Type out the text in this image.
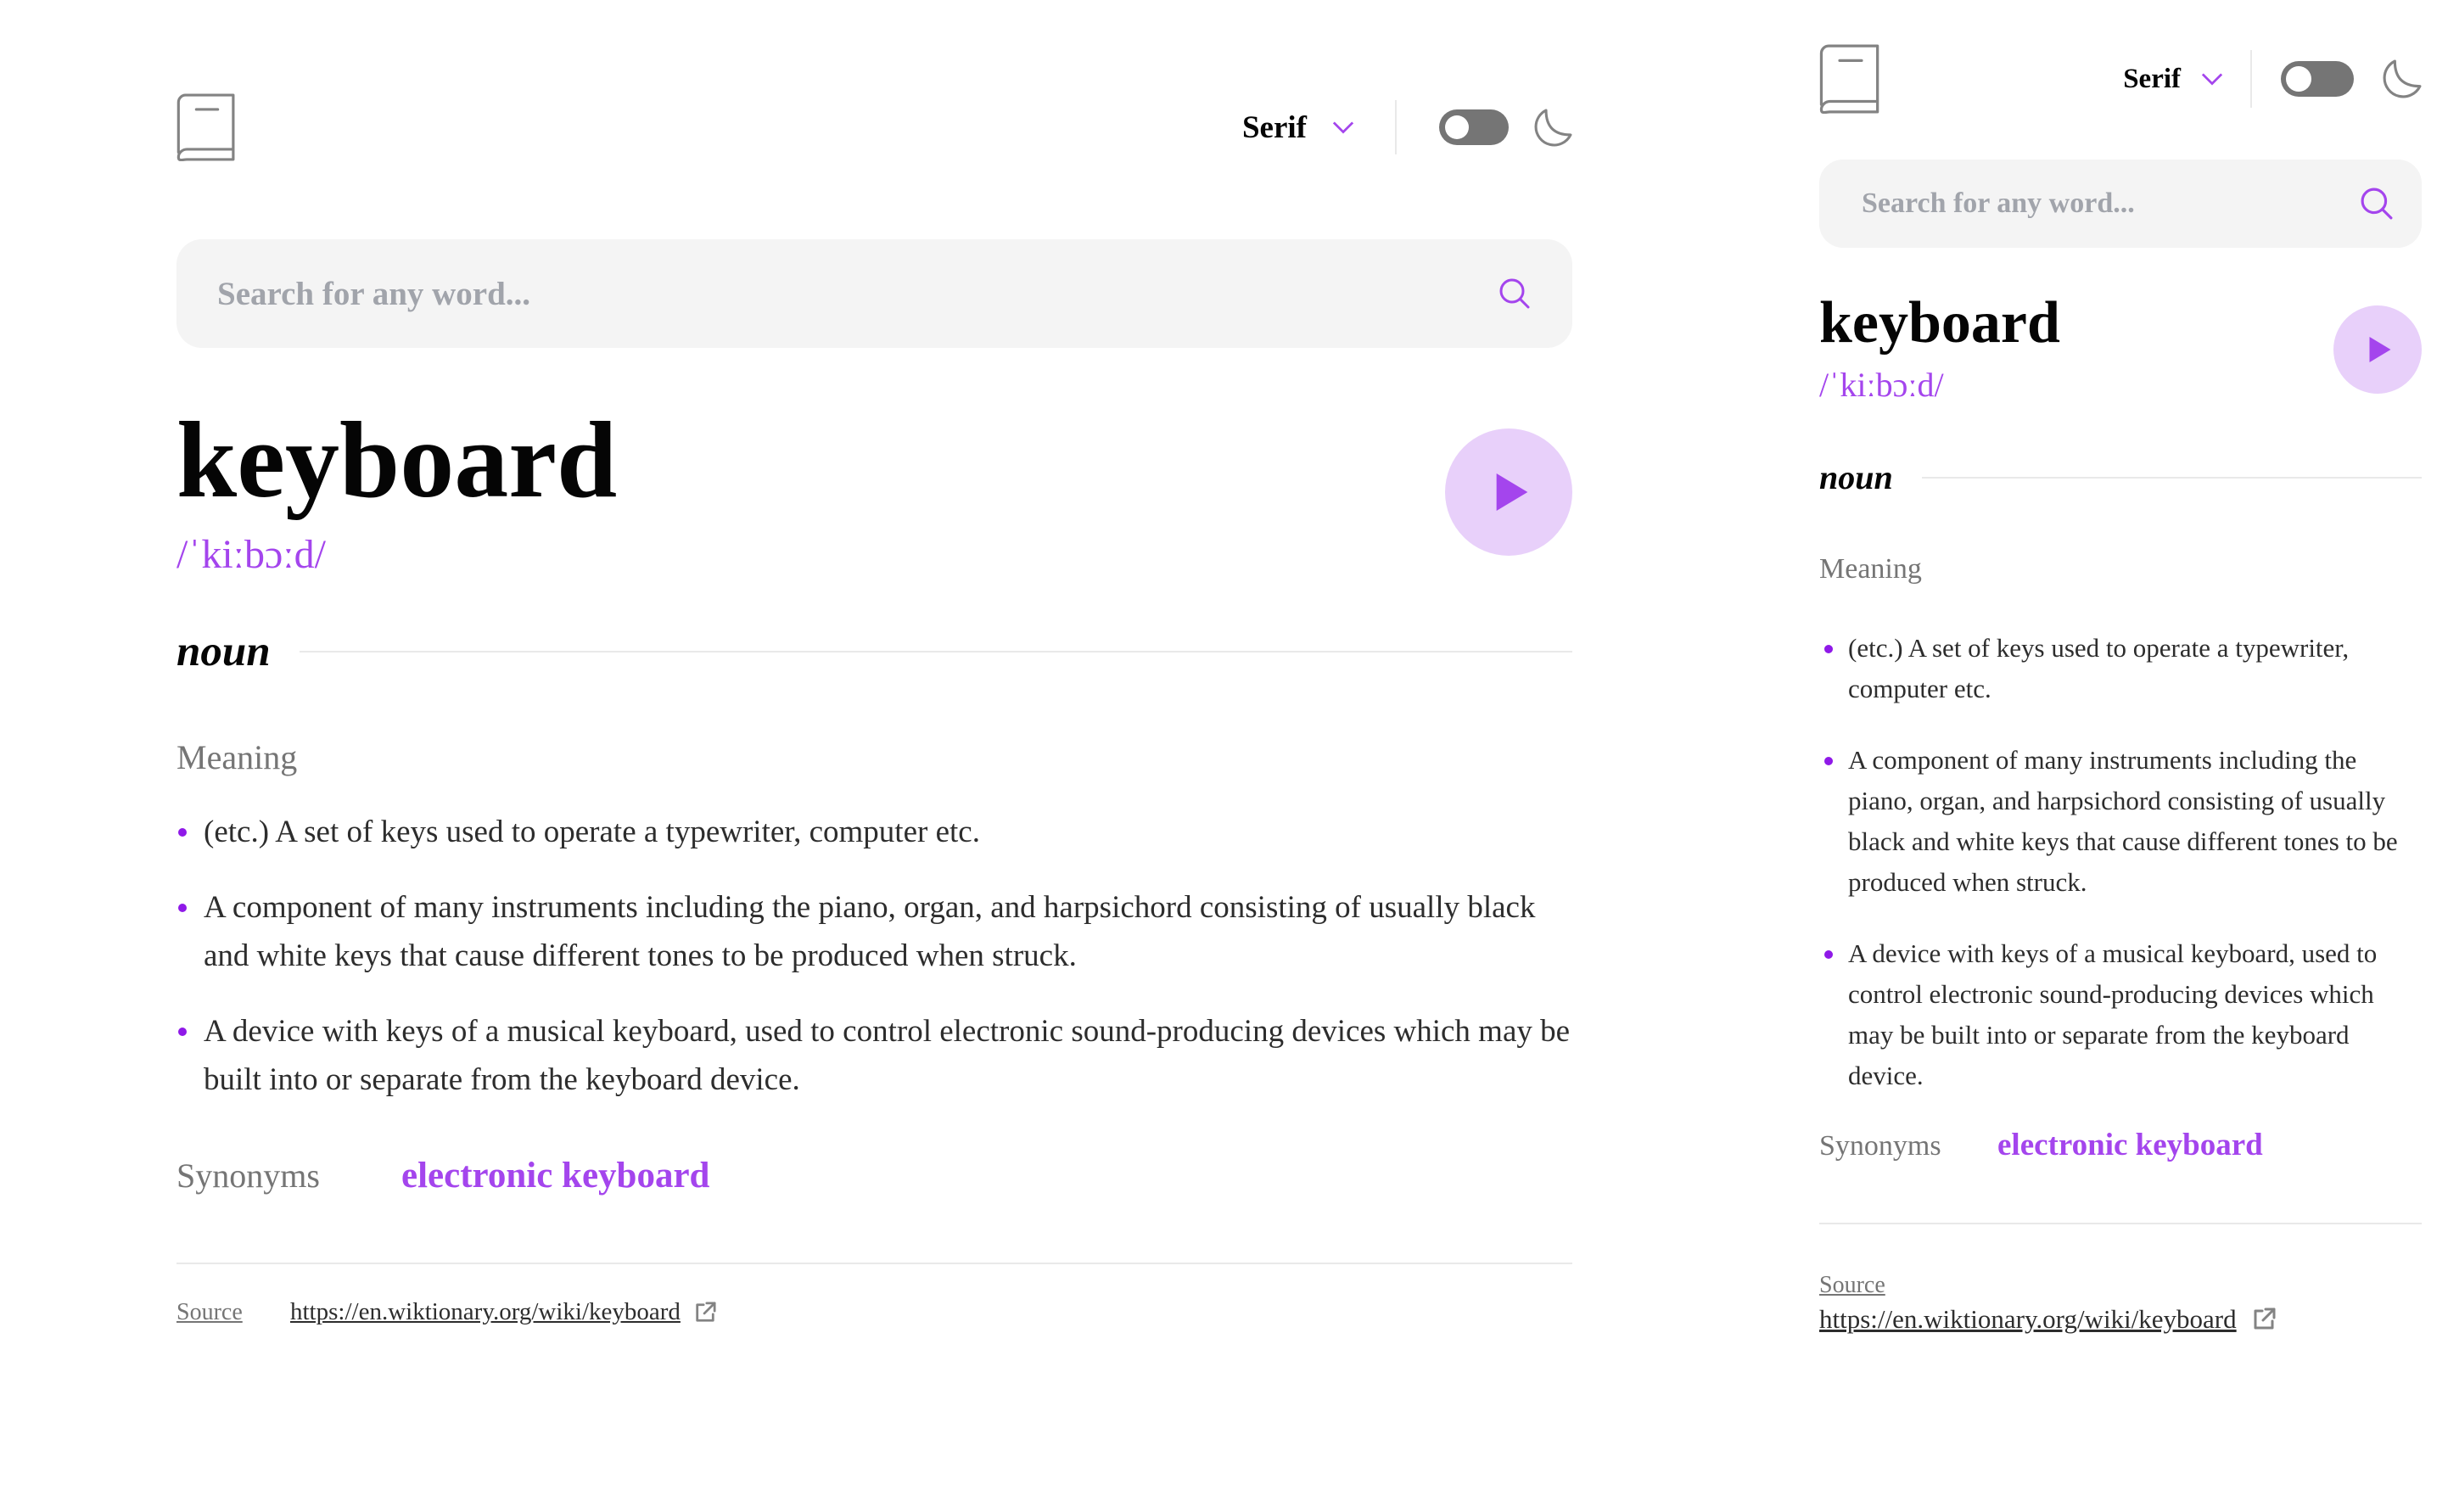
Serif
Search for any word...
keyboard
/ˈkiːbɔːd/
noun
Meaning
(etc.) A set of keys used to operate a typewriter, computer etc.
A component of many instruments including the piano, organ, and harpsichord consisting of usually black and white keys that cause different tones to be produced when struck.
A device with keys of a musical keyboard, used to control electronic sound-producing devices which may be built into or separate from the keyboard device.
Synonyms	electronic keyboard
Source	https://en.wiktionary.org/wiki/keyboard
Serif
Search for any word...
keyboard
/ˈkiːbɔːd/
noun
Meaning
(etc.) A set of keys used to operate a typewriter, computer etc.
A component of many instruments including the piano, organ, and harpsichord consisting of usually black and white keys that cause different tones to be produced when struck.
A device with keys of a musical keyboard, used to control electronic sound-producing devices which may be built into or separate from the keyboard device.
Synonyms	electronic keyboard
Source
https://en.wiktionary.org/wiki/keyboard
